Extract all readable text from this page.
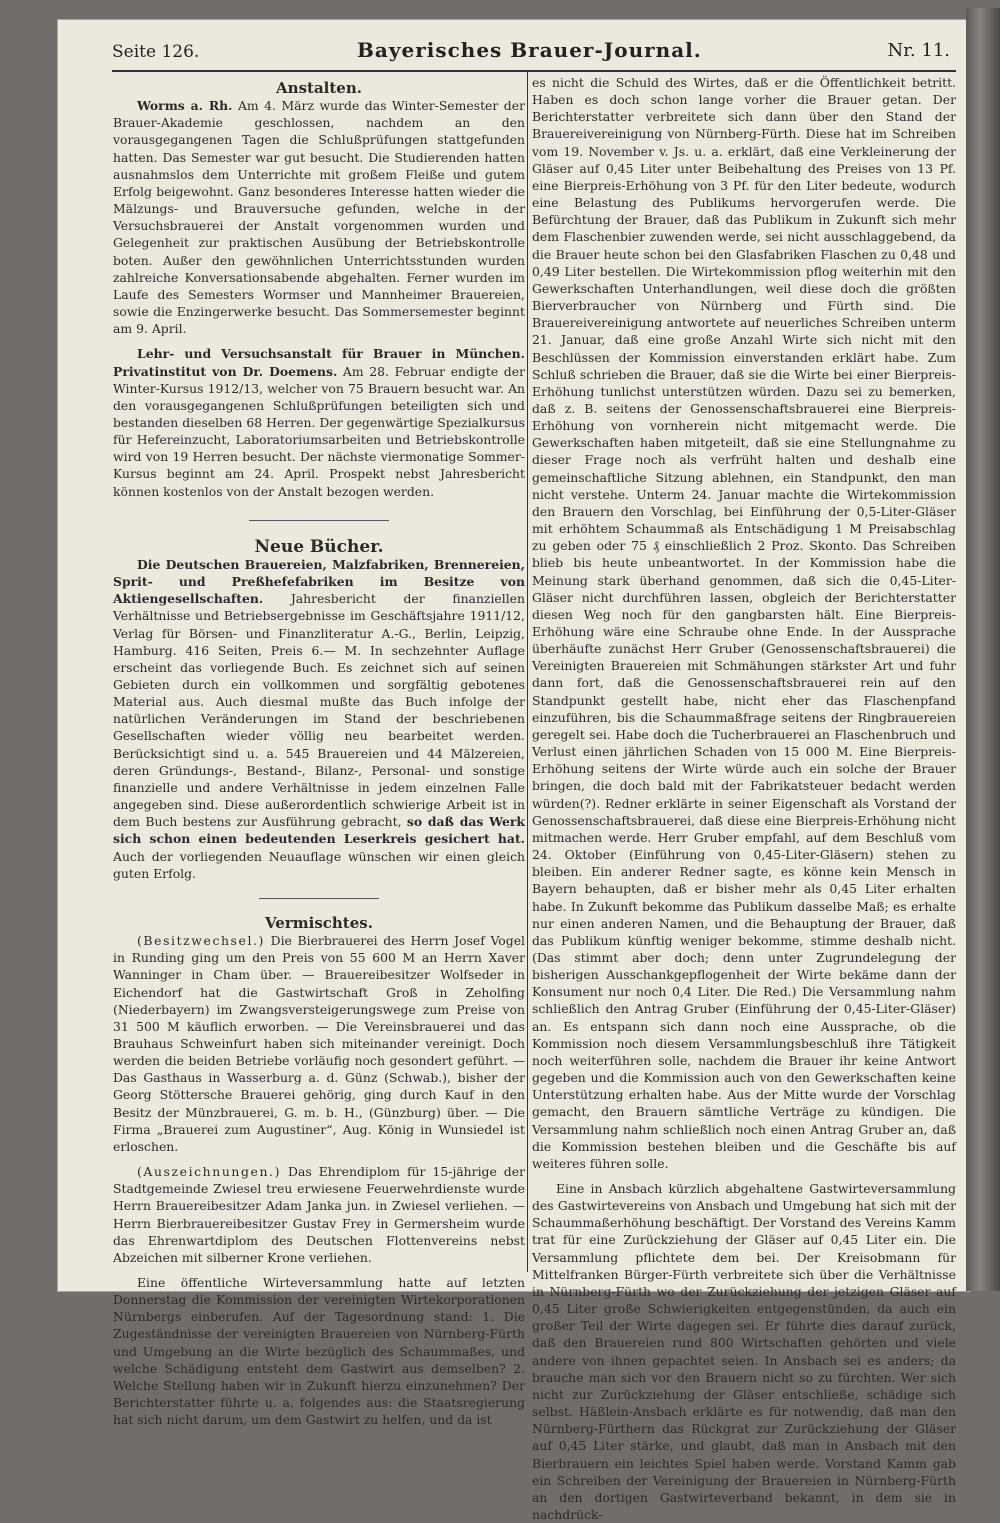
Seite 126.	Bayerisches Brauer-Journal.	Nr. 11.

Anstalten.

Worms a. Rh. Am 4. März wurde das Winter-Semester der Brauer-Akademie geschlossen, nachdem an den vorausgegangenen Tagen die Schlußprüfungen stattgefunden hatten. Das Semester war gut besucht. Die Studierenden hatten ausnahmslos dem Unterrichte mit großem Fleiße und gutem Erfolg beigewohnt. Ganz besonderes Interesse hatten wieder die Mälzungs- und Brauversuche gefunden, welche in der Versuchsbrauerei der Anstalt vorgenommen wurden und Gelegenheit zur praktischen Ausübung der Betriebskontrolle boten. Außer den gewöhnlichen Unterrichtsstunden wurden zahlreiche Konversationsabende abgehalten. Ferner wurden im Laufe des Semesters Wormser und Mannheimer Brauereien, sowie die Enzingerwerke besucht. Das Sommersemester beginnt am 9. April.

Lehr- und Versuchsanstalt für Brauer in München. Privatinstitut von Dr. Doemens. Am 28. Februar endigte der Winter-Kursus 1912/13, welcher von 75 Brauern besucht war. An den vorausgegangenen Schlußprüfungen beteiligten sich und bestanden dieselben 68 Herren. Der gegenwärtige Spezialkursus für Hefereinzucht, Laboratoriumsarbeiten und Betriebskontrolle wird von 19 Herren besucht. Der nächste viermonatige Sommer-Kursus beginnt am 24. April. Prospekt nebst Jahresbericht können kostenlos von der Anstalt bezogen werden.

Neue Bücher.

Die Deutschen Brauereien, Malzfabriken, Brennereien, Sprit- und Preßhefefabriken im Besitze von Aktiengesellschaften. Jahresbericht der finanziellen Verhältnisse und Betriebsergebnisse im Geschäftsjahre 1911/12, Verlag für Börsen- und Finanzliteratur A.-G., Berlin, Leipzig, Hamburg. 416 Seiten, Preis 6.— M. In sechzehnter Auflage erscheint das vorliegende Buch. Es zeichnet sich auf seinen Gebieten durch ein vollkommen und sorgfältig gebotenes Material aus. Auch diesmal mußte das Buch infolge der natürlichen Veränderungen im Stand der beschriebenen Gesellschaften wieder völlig neu bearbeitet werden. Berücksichtigt sind u. a. 545 Brauereien und 44 Mälzereien, deren Gründungs-, Bestand-, Bilanz-, Personal- und sonstige finanzielle und andere Verhältnisse in jedem einzelnen Falle angegeben sind. Diese außerordentlich schwierige Arbeit ist in dem Buch bestens zur Ausführung gebracht, so daß das Werk sich schon einen bedeutenden Leserkreis gesichert hat. Auch der vorliegenden Neuauflage wünschen wir einen gleich guten Erfolg.

Vermischtes.

(Besitzwechsel.) Die Bierbrauerei des Herrn Josef Vogel in Runding ging um den Preis von 55 600 M an Herrn Xaver Wanninger in Cham über. — Brauereibesitzer Wolfseder in Eichendorf hat die Gastwirtschaft Groß in Zeholfing (Niederbayern) im Zwangsversteigerungswege zum Preise von 31 500 M käuflich erworben. — Die Vereinsbrauerei und das Brauhaus Schweinfurt haben sich miteinander vereinigt. Doch werden die beiden Betriebe vorläufig noch gesondert geführt. — Das Gasthaus in Wasserburg a. d. Günz (Schwab.), bisher der Georg Stöttersche Brauerei gehörig, ging durch Kauf in den Besitz der Münzbrauerei, G. m. b. H., (Günzburg) über. — Die Firma „Brauerei zum Augustiner“, Aug. König in Wunsiedel ist erloschen.

(Auszeichnungen.) Das Ehrendiplom für 15-jährige der Stadtgemeinde Zwiesel treu erwiesene Feuerwehrdienste wurde Herrn Brauereibesitzer Adam Janka jun. in Zwiesel verliehen. — Herrn Bierbrauereibesitzer Gustav Frey in Germersheim wurde das Ehrenwartdiplom des Deutschen Flottenvereins nebst Abzeichen mit silberner Krone verliehen.

Eine öffentliche Wirteversammlung hatte auf letzten Donnerstag die Kommission der vereinigten Wirtekorporationen Nürnbergs einberufen. Auf der Tagesordnung stand: 1. Die Zugeständnisse der vereinigten Brauereien von Nürnberg-Fürth und Umgebung an die Wirte bezüglich des Schaummaßes, und welche Schädigung entsteht dem Gastwirt aus demselben? 2. Welche Stellung haben wir in Zukunft hierzu einzunehmen? Der Berichterstatter führte u. a. folgendes aus: die Staatsregierung hat sich nicht darum, um dem Gastwirt zu helfen, und da ist

es nicht die Schuld des Wirtes, daß er die Öffentlichkeit betritt. Haben es doch schon lange vorher die Brauer getan. Der Berichterstatter verbreitete sich dann über den Stand der Brauereivereinigung von Nürnberg-Fürth. Diese hat im Schreiben vom 19. November v. Js. u. a. erklärt, daß eine Verkleinerung der Gläser auf 0,45 Liter unter Beibehaltung des Preises von 13 Pf. eine Bierpreis-Erhöhung von 3 Pf. für den Liter bedeute, wodurch eine Belastung des Publikums hervorgerufen werde. Die Befürchtung der Brauer, daß das Publikum in Zukunft sich mehr dem Flaschenbier zuwenden werde, sei nicht ausschlaggebend, da die Brauer heute schon bei den Glasfabriken Flaschen zu 0,48 und 0,49 Liter bestellen. Die Wirtekommission pflog weiterhin mit den Gewerkschaften Unterhandlungen, weil diese doch die größten Bierverbraucher von Nürnberg und Fürth sind. Die Brauereivereinigung antwortete auf neuerliches Schreiben unterm 21. Januar, daß eine große Anzahl Wirte sich nicht mit den Beschlüssen der Kommission einverstanden erklärt habe. Zum Schluß schrieben die Brauer, daß sie die Wirte bei einer Bierpreis-Erhöhung tunlichst unterstützen würden. Dazu sei zu bemerken, daß z. B. seitens der Genossenschaftsbrauerei eine Bierpreis-Erhöhung von vornherein nicht mitgemacht werde. Die Gewerkschaften haben mitgeteilt, daß sie eine Stellungnahme zu dieser Frage noch als verfrüht halten und deshalb eine gemeinschaftliche Sitzung ablehnen, ein Standpunkt, den man nicht verstehe. Unterm 24. Januar machte die Wirtekommission den Brauern den Vorschlag, bei Einführung der 0,5-Liter-Gläser mit erhöhtem Schaummaß als Entschädigung 1 M Preisabschlag zu geben oder 75 ₰ einschließlich 2 Proz. Skonto. Das Schreiben blieb bis heute unbeantwortet. In der Kommission habe die Meinung stark überhand genommen, daß sich die 0,45-Liter-Gläser nicht durchführen lassen, obgleich der Berichterstatter diesen Weg noch für den gangbarsten hält. Eine Bierpreis-Erhöhung wäre eine Schraube ohne Ende. In der Aussprache überhäufte zunächst Herr Gruber (Genossenschaftsbrauerei) die Vereinigten Brauereien mit Schmähungen stärkster Art und fuhr dann fort, daß die Genossenschaftsbrauerei rein auf den Standpunkt gestellt habe, nicht eher das Flaschenpfand einzuführen, bis die Schaummaßfrage seitens der Ringbrauereien geregelt sei. Habe doch die Tucherbrauerei an Flaschenbruch und Verlust einen jährlichen Schaden von 15 000 M. Eine Bierpreis-Erhöhung seitens der Wirte würde auch ein solche der Brauer bringen, die doch bald mit der Fabrikatsteuer bedacht werden würden(?). Redner erklärte in seiner Eigenschaft als Vorstand der Genossenschaftsbrauerei, daß diese eine Bierpreis-Erhöhung nicht mitmachen werde. Herr Gruber empfahl, auf dem Beschluß vom 24. Oktober (Einführung von 0,45-Liter-Gläsern) stehen zu bleiben. Ein anderer Redner sagte, es könne kein Mensch in Bayern behaupten, daß er bisher mehr als 0,45 Liter erhalten habe. In Zukunft bekomme das Publikum dasselbe Maß; es erhalte nur einen anderen Namen, und die Behauptung der Brauer, daß das Publikum künftig weniger bekomme, stimme deshalb nicht. (Das stimmt aber doch; denn unter Zugrundelegung der bisherigen Ausschankgepflogenheit der Wirte bekäme dann der Konsument nur noch 0,4 Liter. Die Red.) Die Versammlung nahm schließlich den Antrag Gruber (Einführung der 0,45-Liter-Gläser) an. Es entspann sich dann noch eine Aussprache, ob die Kommission noch diesem Versammlungsbeschluß ihre Tätigkeit noch weiterführen solle, nachdem die Brauer ihr keine Antwort gegeben und die Kommission auch von den Gewerkschaften keine Unterstützung erhalten habe. Aus der Mitte wurde der Vorschlag gemacht, den Brauern sämtliche Verträge zu kündigen. Die Versammlung nahm schließlich noch einen Antrag Gruber an, daß die Kommission bestehen bleiben und die Geschäfte bis auf weiteres führen solle.

Eine in Ansbach kürzlich abgehaltene Gastwirteversammlung des Gastwirtevereins von Ansbach und Umgebung hat sich mit der Schaummaßerhöhung beschäftigt. Der Vorstand des Vereins Kamm trat für eine Zurückziehung der Gläser auf 0,45 Liter ein. Die Versammlung pflichtete dem bei. Der Kreisobmann für Mittelfranken Bürger-Fürth verbreitete sich über die Verhältnisse in Nürnberg-Fürth wo der Zurückziehung der jetzigen Gläser auf 0,45 Liter große Schwierigkeiten entgegenstünden, da auch ein großer Teil der Wirte dagegen sei. Er führte dies darauf zurück, daß den Brauereien rund 800 Wirtschaften gehörten und viele andere von ihnen gepachtet seien. In Ansbach sei es anders; da brauche man sich vor den Brauern nicht so zu fürchten. Wer sich nicht zur Zurückziehung der Gläser entschließe, schädige sich selbst. Häßlein-Ansbach erklärte es für notwendig, daß man den Nürnberg-Fürthern das Rückgrat zur Zurückziehung der Gläser auf 0,45 Liter stärke, und glaubt, daß man in Ansbach mit den Bierbrauern ein leichtes Spiel haben werde. Vorstand Kamm gab ein Schreiben der Vereinigung der Brauereien in Nürnberg-Fürth an den dortigen Gastwirteverband bekannt, in dem sie in nachdrück-
